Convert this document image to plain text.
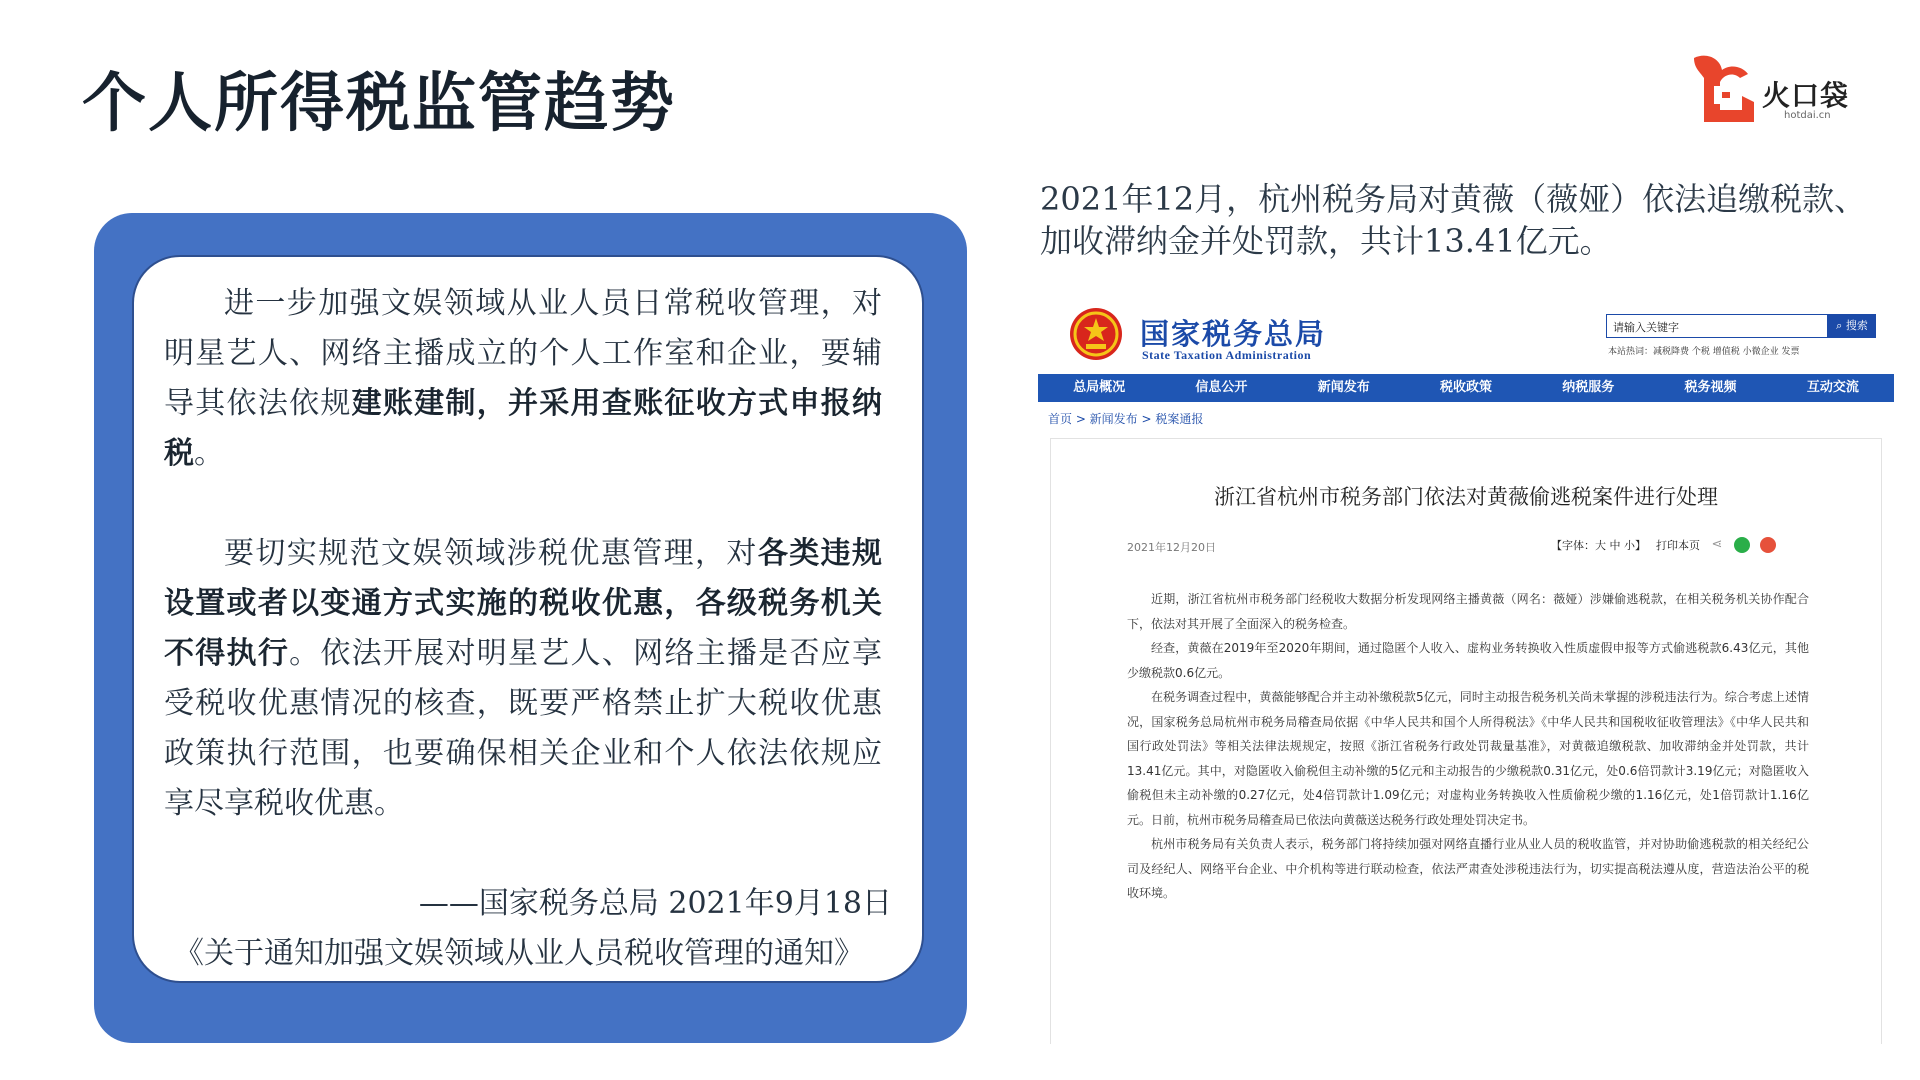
个人所得税监管趋势	火口袋
hotdai.cn

进一步加强文娱领域从业人员日常税收管理，对明星艺人、网络主播成立的个人工作室和企业，要辅导其依法依规建账建制，并采用查账征收方式申报纳税。

要切实规范文娱领域涉税优惠管理，对各类违规设置或者以变通方式实施的税收优惠，各级税务机关不得执行。依法开展对明星艺人、网络主播是否应享受税收优惠情况的核查，既要严格禁止扩大税收优惠政策执行范围，也要确保相关企业和个人依法依规应享尽享税收优惠。

——国家税务总局 2021年9月18日
《关于通知加强文娱领域从业人员税收管理的通知》

2021年12月，杭州税务局对黄薇（薇娅）依法追缴税款、加收滞纳金并处罚款，共计13.41亿元。

国家税务总局
State Taxation Administration
请输入关键字	⌕ 搜索
本站热词：减税降费 个税 增值税 小微企业 发票
总局概况	信息公开	新闻发布	税收政策	纳税服务	税务视频	互动交流
首页 > 新闻发布 > 税案通报
浙江省杭州市税务部门依法对黄薇偷逃税案件进行处理
2021年12月20日	【字体：大 中 小】 打印本页 ⋖

近期，浙江省杭州市税务部门经税收大数据分析发现网络主播黄薇（网名：薇娅）涉嫌偷逃税款，在相关税务机关协作配合下，依法对其开展了全面深入的税务检查。

经查，黄薇在2019年至2020年期间，通过隐匿个人收入、虚构业务转换收入性质虚假申报等方式偷逃税款6.43亿元，其他少缴税款0.6亿元。

在税务调查过程中，黄薇能够配合并主动补缴税款5亿元，同时主动报告税务机关尚未掌握的涉税违法行为。综合考虑上述情况，国家税务总局杭州市税务局稽查局依据《中华人民共和国个人所得税法》《中华人民共和国税收征收管理法》《中华人民共和国行政处罚法》等相关法律法规规定，按照《浙江省税务行政处罚裁量基准》，对黄薇追缴税款、加收滞纳金并处罚款，共计13.41亿元。其中，对隐匿收入偷税但主动补缴的5亿元和主动报告的少缴税款0.31亿元，处0.6倍罚款计3.19亿元；对隐匿收入偷税但未主动补缴的0.27亿元，处4倍罚款计1.09亿元；对虚构业务转换收入性质偷税少缴的1.16亿元，处1倍罚款计1.16亿元。日前，杭州市税务局稽查局已依法向黄薇送达税务行政处理处罚决定书。

杭州市税务局有关负责人表示，税务部门将持续加强对网络直播行业从业人员的税收监管，并对协助偷逃税款的相关经纪公司及经纪人、网络平台企业、中介机构等进行联动检查，依法严肃查处涉税违法行为，切实提高税法遵从度，营造法治公平的税收环境。
